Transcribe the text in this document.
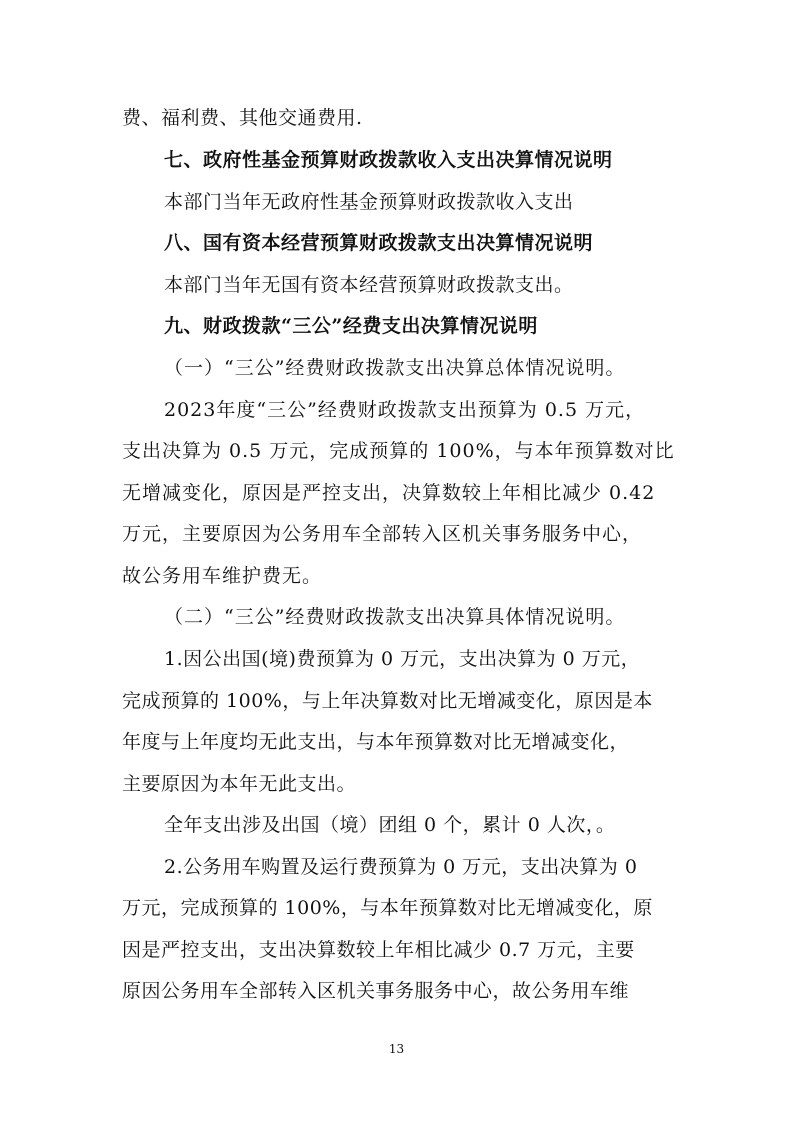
费、福利费、其他交通费用.
七、政府性基金预算财政拨款收入支出决算情况说明
本部门当年无政府性基金预算财政拨款收入支出
八、国有资本经营预算财政拨款支出决算情况说明
本部门当年无国有资本经营预算财政拨款支出。
九、财政拨款“三公”经费支出决算情况说明
（一）“三公”经费财政拨款支出决算总体情况说明。
2023年度“三公”经费财政拨款支出预算为 0.5 万元，
支出决算为 0.5 万元，完成预算的 100%，与本年预算数对比
无增减变化，原因是严控支出，决算数较上年相比减少 0.42
万元，主要原因为公务用车全部转入区机关事务服务中心，
故公务用车维护费无。
（二）“三公”经费财政拨款支出决算具体情况说明。
1.因公出国(境)费预算为 0 万元，支出决算为 0 万元，
完成预算的 100%，与上年决算数对比无增减变化，原因是本
年度与上年度均无此支出，与本年预算数对比无增减变化，
主要原因为本年无此支出。
全年支出涉及出国（境）团组 0 个，累计 0 人次，。
2.公务用车购置及运行费预算为 0 万元，支出决算为 0
万元，完成预算的 100%，与本年预算数对比无增减变化，原
因是严控支出，支出决算数较上年相比减少 0.7 万元，主要
原因公务用车全部转入区机关事务服务中心，故公务用车维
13
